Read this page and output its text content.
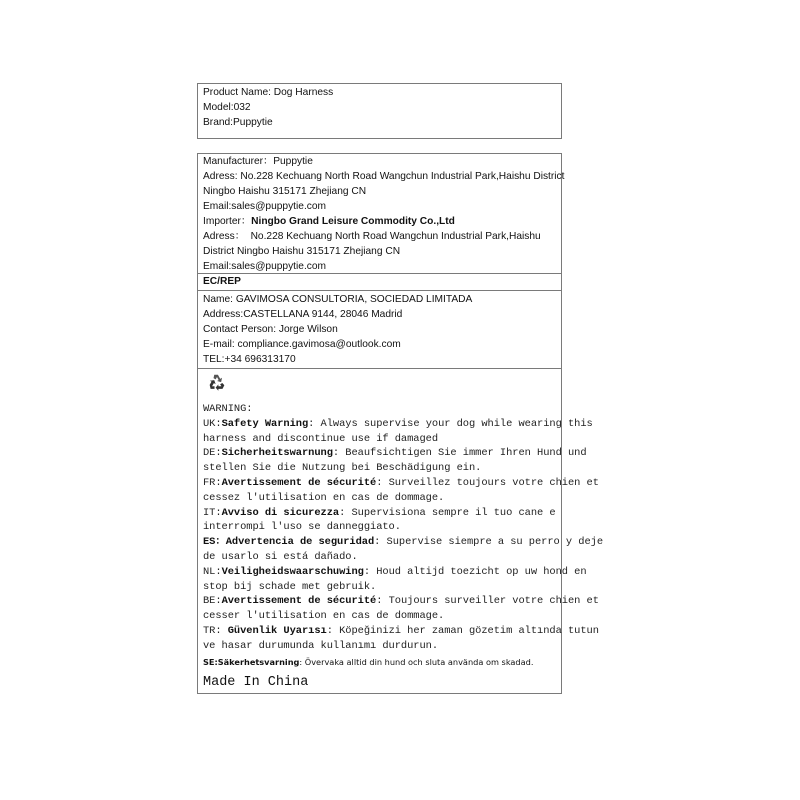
Product Name: Dog Harness
Model:032
Brand:Puppytie
Manufacturer：Puppytie
Adress: No.228 Kechuang North Road Wangchun Industrial Park,Haishu District
Ningbo Haishu 315171 Zhejiang CN
Email:sales@puppytie.com
Importer：Ningbo Grand Leisure Commodity Co.,Ltd
Adress： No.228 Kechuang North Road Wangchun Industrial Park,Haishu
District Ningbo Haishu 315171 Zhejiang CN
Email:sales@puppytie.com
EC/REP
Name: GAVIMOSA CONSULTORIA, SOCIEDAD LIMITADA
Address:CASTELLANA 9144, 28046 Madrid
Contact Person: Jorge Wilson
E-mail: compliance.gavimosa@outlook.com
TEL:+34 696313170
WARNING:
UK:Safety Warning: Always supervise your dog while wearing this
harness and discontinue use if damaged
DE:Sicherheitswarnung: Beaufsichtigen Sie immer Ihren Hund und
stellen Sie die Nutzung bei Beschädigung ein.
FR:Avertissement de sécurité: Surveillez toujours votre chien et
cessez l'utilisation en cas de dommage.
IT:Avviso di sicurezza: Supervisiona sempre il tuo cane e
interrompi l'uso se danneggiato.
ES：Advertencia de seguridad: Supervise siempre a su perro y deje
de usarlo si está dañado.
NL:Veiligheidswaarschuwing: Houd altijd toezicht op uw hond en
stop bij schade met gebruik.
BE:Avertissement de sécurité: Toujours surveiller votre chien et
cesser l'utilisation en cas de dommage.
TR: Güvenlik Uyarısı: Köpeğinizi her zaman gözetim altında tutun
ve hasar durumunda kullanımı durdurun.
SE:Säkerhetsvarning: Övervaka alltid din hund och sluta använda om skadad.
Made In China
